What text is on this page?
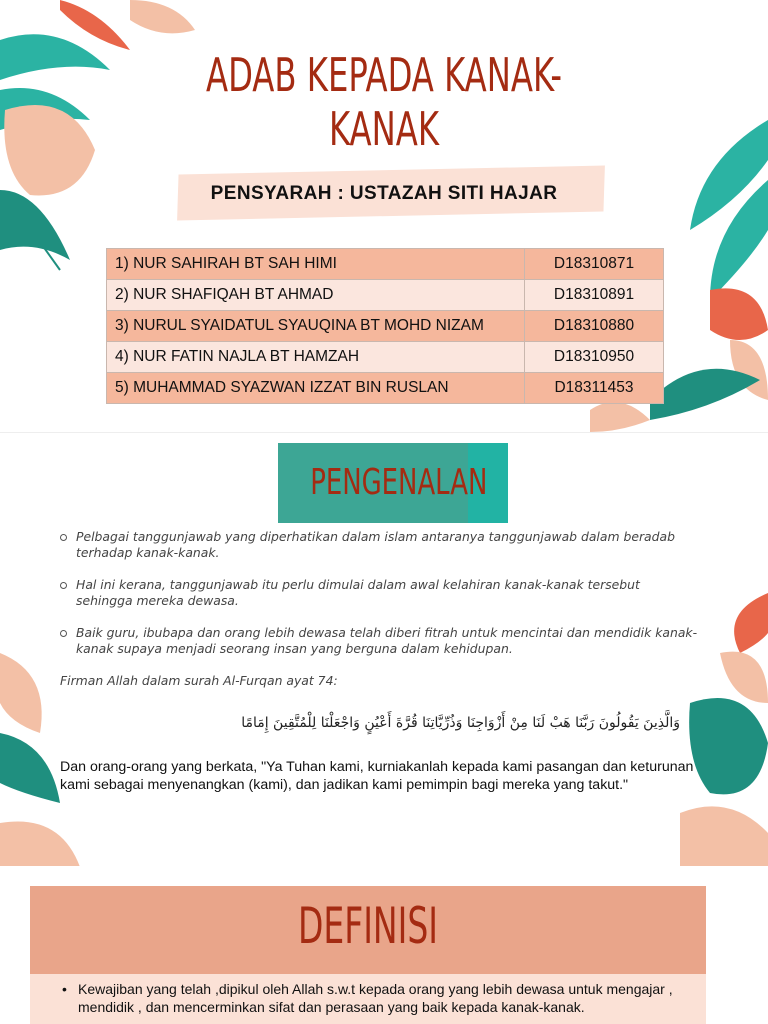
ADAB KEPADA KANAK-
KANAK
PENSYARAH : USTAZAH SITI HAJAR
1) NUR SAHIRAH BT SAH HIMI	D18310871
2) NUR SHAFIQAH BT AHMAD	D18310891
3) NURUL SYAIDATUL SYAUQINA BT MOHD NIZAM	D18310880
4) NUR FATIN NAJLA BT HAMZAH	D18310950
5) MUHAMMAD SYAZWAN IZZAT BIN RUSLAN	D18311453
PENGENALAN
Pelbagai tanggunjawab yang diperhatikan dalam islam antaranya tanggunjawab dalam beradab terhadap kanak-kanak.
Hal ini kerana, tanggunjawab itu perlu dimulai dalam awal kelahiran kanak-kanak tersebut sehingga mereka dewasa.
Baik guru, ibubapa dan orang lebih dewasa telah diberi fitrah untuk mencintai dan mendidik kanak-kanak supaya menjadi seorang insan yang berguna dalam kehidupan.
Firman Allah dalam surah Al-Furqan ayat 74:
وَالَّذِينَ يَقُولُونَ رَبَّنَا هَبْ لَنَا مِنْ أَزْوَاجِنَا وَذُرِّيَّاتِنَا قُرَّةَ أَعْيُنٍ وَاجْعَلْنَا لِلْمُتَّقِينَ إِمَامًا
Dan orang-orang yang berkata, "Ya Tuhan kami, kurniakanlah kepada kami pasangan dan keturunan kami sebagai menyenangkan (kami), dan jadikan kami pemimpin bagi mereka yang takut."
DEFINISI
• Kewajiban yang telah ,dipikul oleh Allah s.w.t kepada orang yang lebih dewasa untuk mengajar , mendidik , dan mencerminkan sifat dan perasaan yang baik kepada kanak-kanak.
